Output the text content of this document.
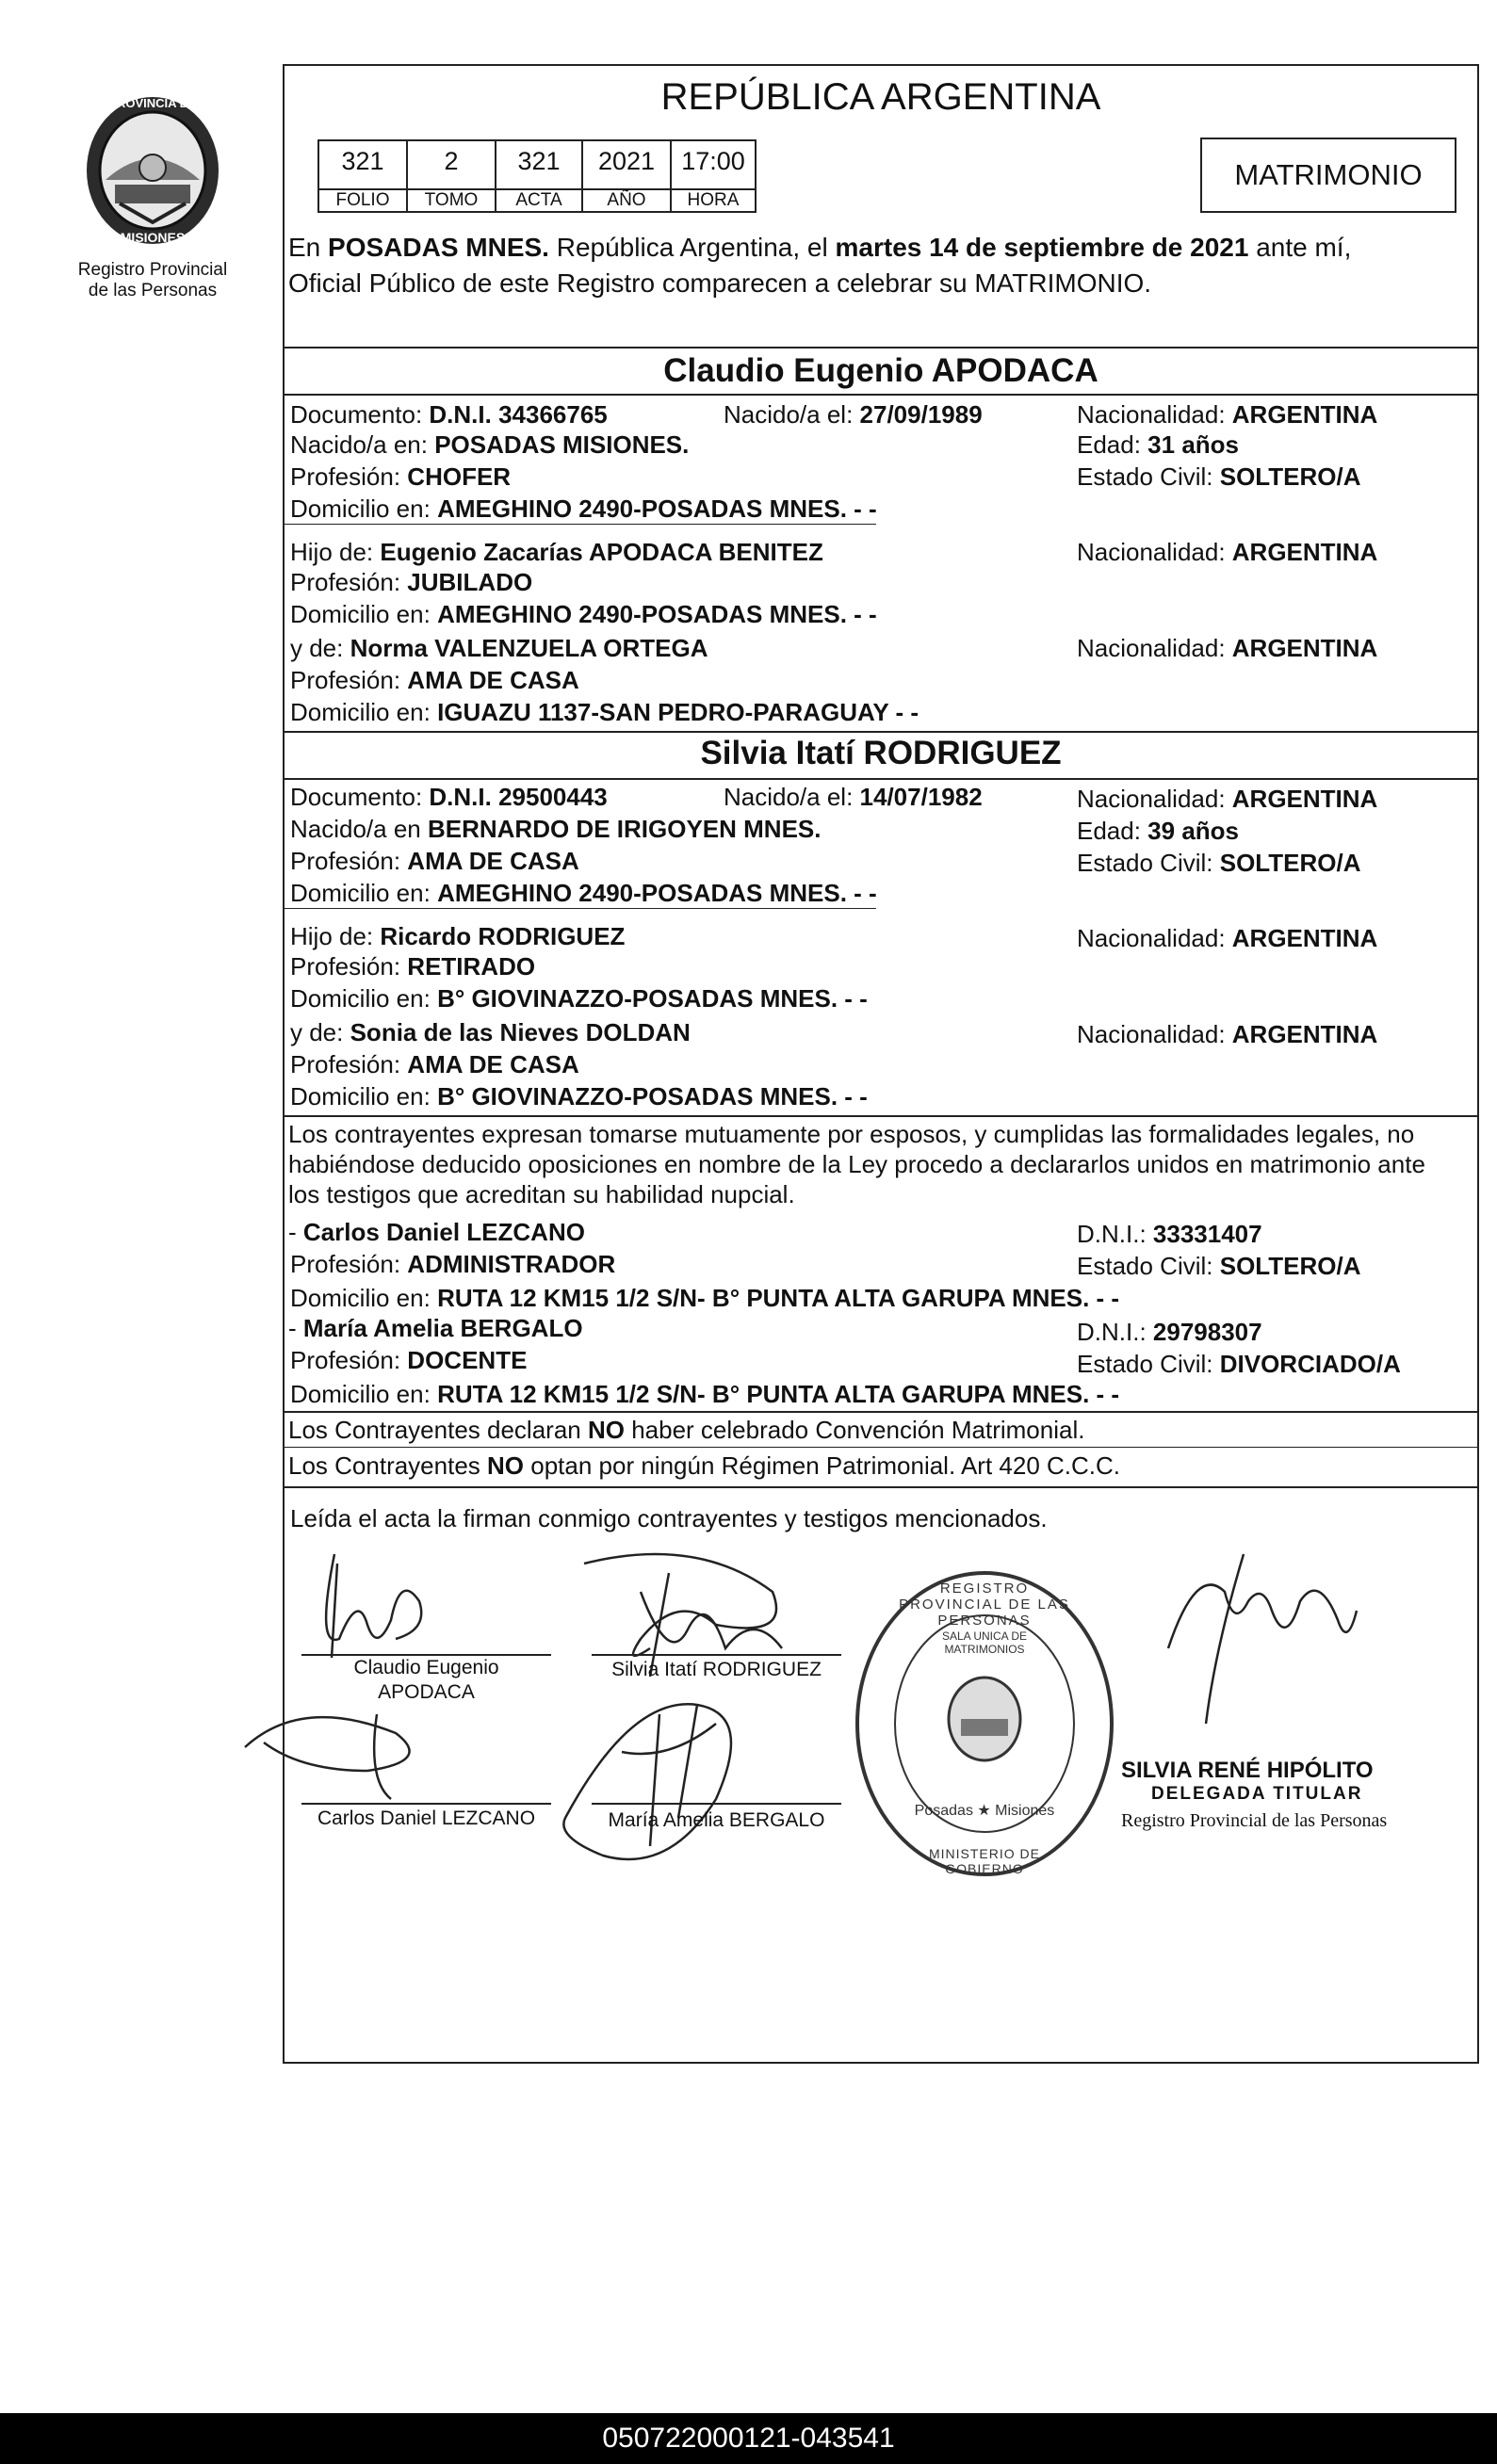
PROVINCIA DE
MISIONES
Registro Provincial
de las Personas
REPÚBLICA ARGENTINA
321	2	321	2021	17:00
FOLIO	TOMO	ACTA	AÑO	HORA
MATRIMONIO
En POSADAS MNES. República Argentina, el martes 14 de septiembre de 2021 ante mí,
Oficial Público de este Registro comparecen a celebrar su MATRIMONIO.
Claudio Eugenio APODACA
Documento: D.N.I. 34366765	Nacido/a el: 27/09/1989	Nacionalidad: ARGENTINA
Nacido/a en: POSADAS MISIONES.	Edad: 31 años
Profesión: CHOFER	Estado Civil: SOLTERO/A
Domicilio en: AMEGHINO 2490-POSADAS MNES. - -
Hijo de: Eugenio Zacarías APODACA BENITEZ	Nacionalidad: ARGENTINA
Profesión: JUBILADO
Domicilio en: AMEGHINO 2490-POSADAS MNES. - -
y de: Norma VALENZUELA ORTEGA	Nacionalidad: ARGENTINA
Profesión: AMA DE CASA
Domicilio en: IGUAZU 1137-SAN PEDRO-PARAGUAY - -
Silvia Itatí RODRIGUEZ
Documento: D.N.I. 29500443	Nacido/a el: 14/07/1982	Nacionalidad: ARGENTINA
Nacido/a en BERNARDO DE IRIGOYEN MNES.	Edad: 39 años
Profesión: AMA DE CASA	Estado Civil: SOLTERO/A
Domicilio en: AMEGHINO 2490-POSADAS MNES. - -
Hijo de: Ricardo RODRIGUEZ	Nacionalidad: ARGENTINA
Profesión: RETIRADO
Domicilio en: B° GIOVINAZZO-POSADAS MNES. - -
y de: Sonia de las Nieves DOLDAN	Nacionalidad: ARGENTINA
Profesión: AMA DE CASA
Domicilio en: B° GIOVINAZZO-POSADAS MNES. - -
Los contrayentes expresan tomarse mutuamente por esposos, y cumplidas las formalidades legales, no
habiéndose deducido oposiciones en nombre de la Ley procedo a declararlos unidos en matrimonio ante
los testigos que acreditan su habilidad nupcial.
- Carlos Daniel LEZCANO	D.N.I.: 33331407
Profesión: ADMINISTRADOR	Estado Civil: SOLTERO/A
Domicilio en: RUTA 12 KM15 1/2 S/N- B° PUNTA ALTA GARUPA MNES. - -
- María Amelia BERGALO	D.N.I.: 29798307
Profesión: DOCENTE	Estado Civil: DIVORCIADO/A
Domicilio en: RUTA 12 KM15 1/2 S/N- B° PUNTA ALTA GARUPA MNES. - -
Los Contrayentes declaran NO haber celebrado Convención Matrimonial.
Los Contrayentes NO optan por ningún Régimen Patrimonial. Art 420 C.C.C.
Leída el acta la firman conmigo contrayentes y testigos mencionados.
Claudio Eugenio
APODACA
Silvia Itatí RODRIGUEZ
Carlos Daniel LEZCANO	María Amelia BERGALO
REGISTRO PROVINCIAL DE LAS PERSONAS
SALA UNICA DE MATRIMONIOS
Posadas ★ Misiones
MINISTERIO DE GOBIERNO
SILVIA RENÉ HIPÓLITO
DELEGADA TITULAR
Registro Provincial de las Personas
050722000121-043541
